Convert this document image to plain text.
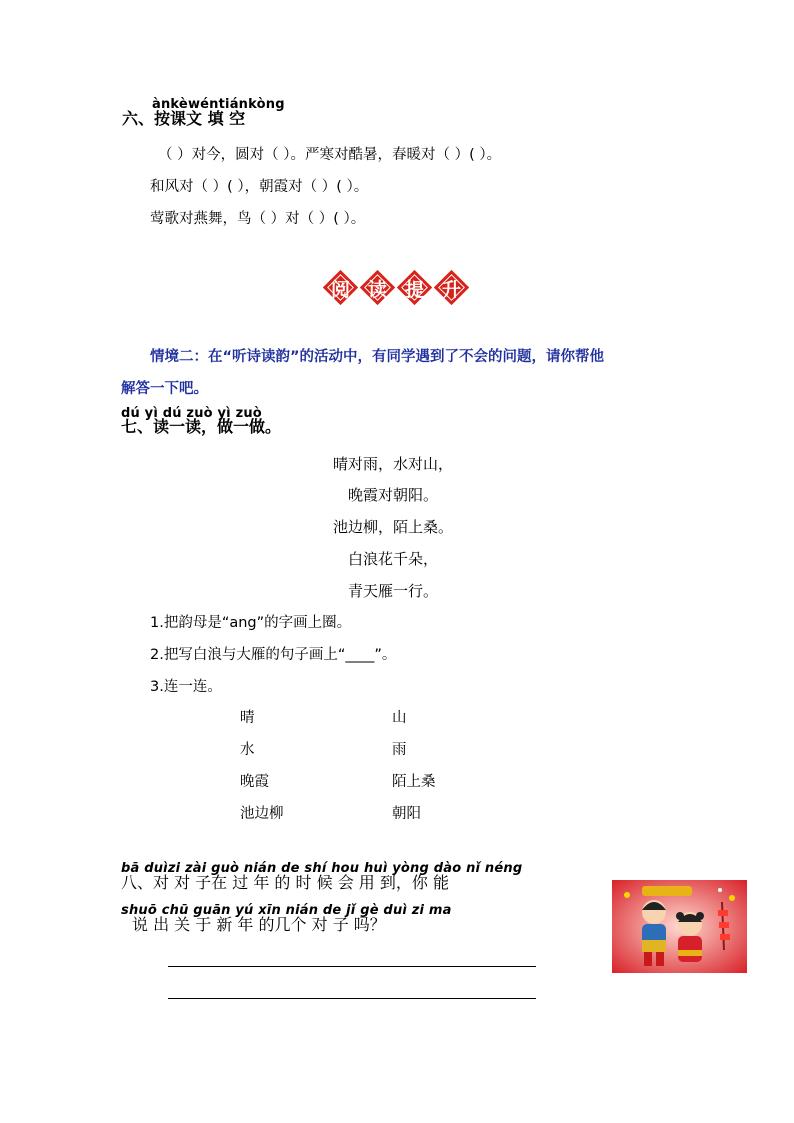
ànkèwéntiánkòng
六、按课文 填 空
（ ）对今，圆对（ ）。严寒对酷暑，春暖对（ ）( ）。
和风对（ ）( ），朝霞对（ ）( ）。
莺歌对燕舞，鸟（ ）对（ ）( ）。
阅 读 提 升
情境二：在“听诗读韵”的活动中，有同学遇到了不会的问题，请你帮他
解答一下吧。
dú yì dú zuò yì zuò
七、读一读，做一做。
晴对雨，水对山，
晚霞对朝阳。
池边柳，陌上桑。
白浪花千朵，
青天雁一行。
1.把韵母是“ang”的字画上圈。
2.把写白浪与大雁的句子画上“____”。
3.连一连。
晴
水
晚霞
池边柳
山
雨
陌上桑
朝阳
bā duìzi zài guò nián de shí hou huì yòng dào nǐ néng
八、对 对 子在 过 年 的 时 候 会 用 到，你 能
shuō chū guān yú xīn nián de jǐ gè duì zi ma
说 出 关 于 新 年 的几个 对 子 吗？
